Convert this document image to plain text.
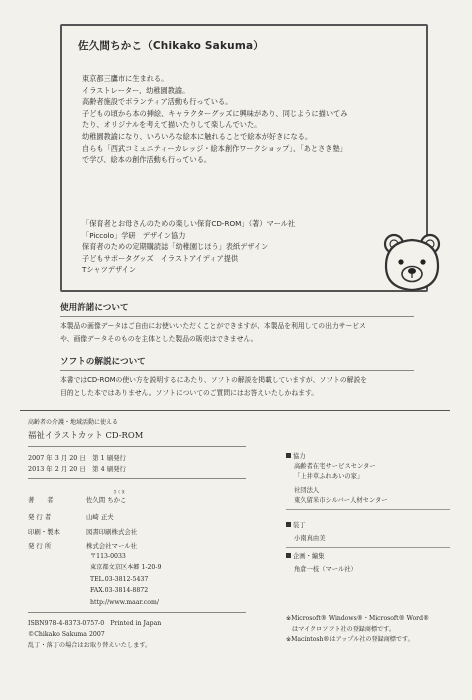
佐久間ちかこ（Chikako Sakuma）
東京都三鷹市に生まれる。
イラストレーター、幼稚園教諭。
高齢者施設でボランティア活動も行っている。
子どもの頃から本の挿絵、キャラクターグッズに興味があり、同じように描いてみ
たり、オリジナルを考えて描いたりして楽しんでいた。
幼稚園教諭になり、いろいろな絵本に触れることで絵本が好きになる。
自らも「西武コミュニティーカレッジ・絵本創作ワークショップ」、「あとさき塾」
で学び、絵本の創作活動も行っている。
「保育者とお母さんのための楽しい保育CD-ROM」（著）マール社
「Piccolo」学研　デザイン協力
保育者のための定期購読誌「幼稚園じほう」表紙デザイン
子どもサポータグッズ　イラストアイディア提供
Tシャツデザイン
使用許諾について
本製品の画像データはご自由にお使いいただくことができますが、本製品を利用しての出力サービス
や、画像データそのものを主体とした製品の販売はできません。
ソフトの解説について
本書ではCD-ROMの使い方を説明するにあたり、ソフトの解説を掲載していますが、ソフトの解説を
目的とした本ではありません。ソフトについてのご質問にはお答えいたしかねます。
高齢者の介護・地域活動に使える
福祉イラストカット CD-ROM
2007 年 3 月 20 日　第 1 刷発行
2013 年 2 月 20 日　第 4 刷発行
著　　者	佐久間 ちかこ
さくま
発 行 者	山崎 正夫
印刷・製本	図書印刷株式会社
発 行 所	株式会社マール社
〒113-0033
東京都文京区本郷 1-20-9
TEL.03-3812-5437
FAX.03-3814-8872
http://www.maar.com/
ISBN978-4-8373-0757-0　Printed in Japan
©Chikako Sakuma 2007
乱丁・落丁の場合はお取り替えいたします。
協力
高齢者在宅サービスセンター
「上井草ふれあいの家」
社団法人
東久留米市シルバー人材センター
装丁
小南真由美
企画・編集
角倉一枝（マール社）
※Microsoft® Windows®・Microsoft® Word®
はマイクロソフト社の登録商標です。
※Macintosh®はアップル社の登録商標です。
